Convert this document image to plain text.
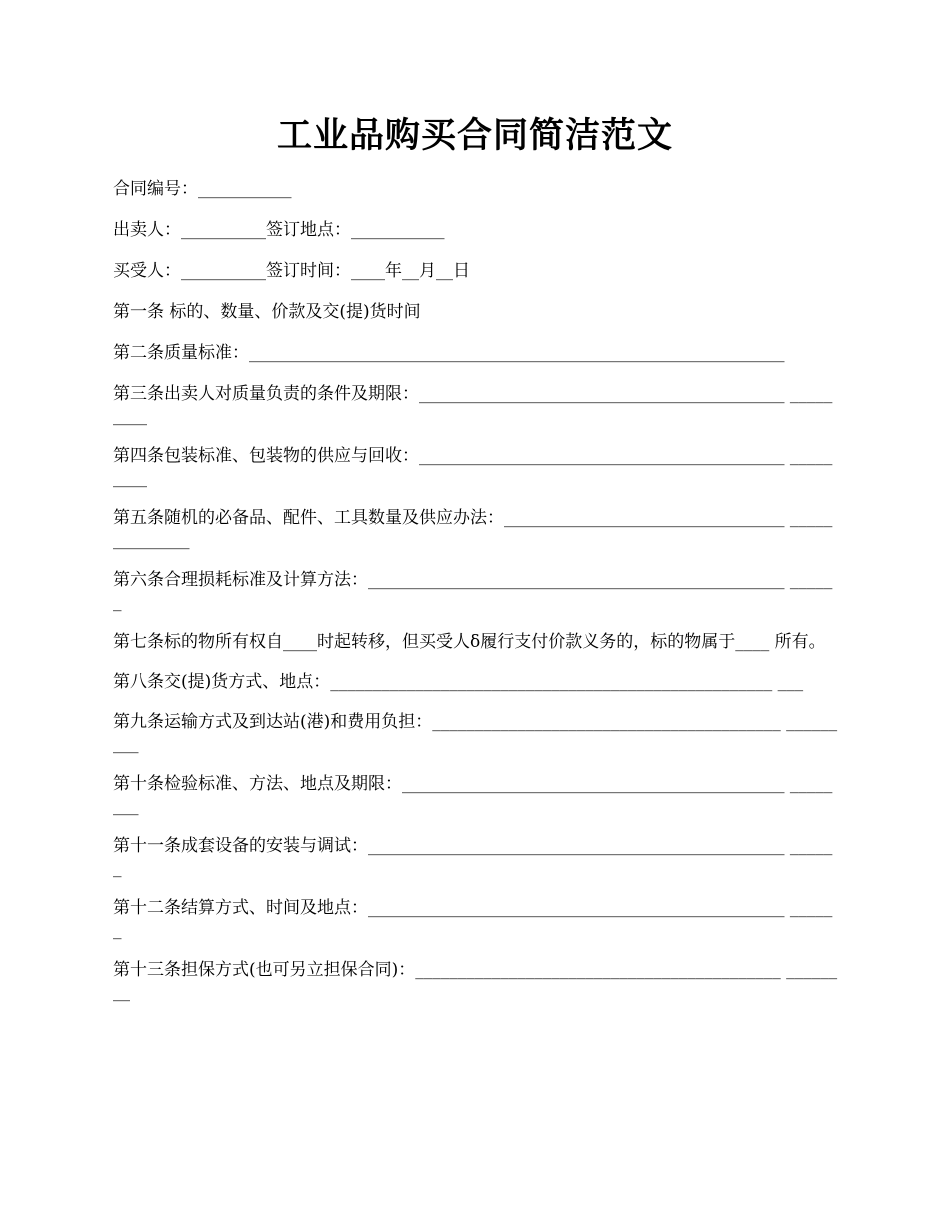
工业品购买合同简洁范文

合同编号：___________

出卖人：__________签订地点：___________

买受人：__________签订时间：____年__月__日

第一条 标的、数量、价款及交(提)货时间

第二条质量标准：_______________________________________________________________

第三条出卖人对质量负责的条件及期限：___________________________________________ _________

第四条包装标准、包装物的供应与回收：___________________________________________ _________

第五条随机的必备品、配件、工具数量及供应办法：_________________________________ ______________

第六条合理损耗标准及计算方法：_________________________________________________ ______

第七条标的物所有权自____时起转移，但买受人δ履行支付价款义务的，标的物属于____ 所有。

第八条交(提)货方式、地点：____________________________________________________ ___

第九条运输方式及到达站(港)和费用负担：_________________________________________ _________

第十条检验标准、方法、地点及期限：_____________________________________________ ________

第十一条成套设备的安装与调试：_________________________________________________ ______

第十二条结算方式、时间及地点：_________________________________________________ ______

第十三条担保方式(也可另立担保合同)：___________________________________________ ________
